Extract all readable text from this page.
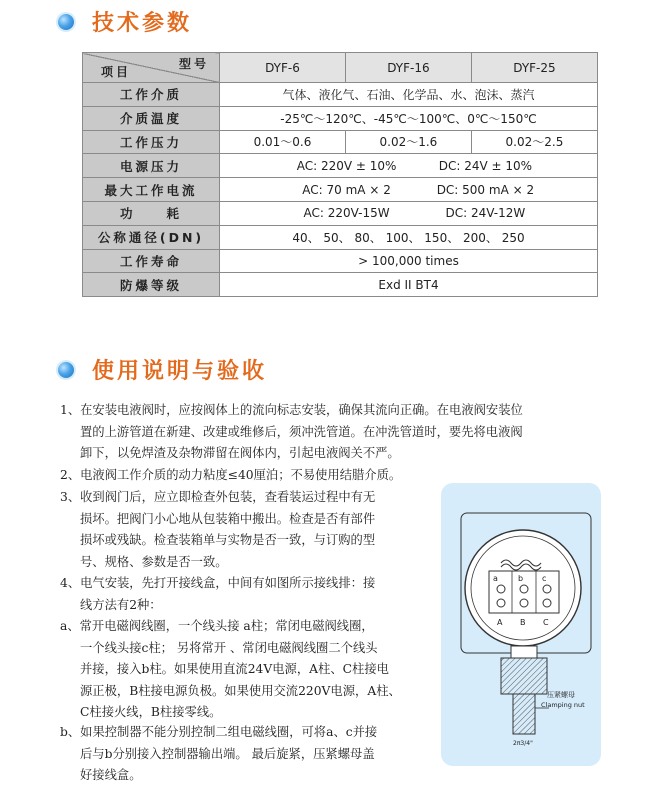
技术参数
型号
项目	DYF-6	DYF-16	DYF-25
工作介质	气体、液化气、石油、化学品、水、泡沫、蒸汽		
介质温度	-25℃～120℃、-45℃～100℃、0℃～150℃		
工作压力	0.01～0.6	0.02～1.6	0.02～2.5
电源压力	AC: 220V ± 10% DC: 24V ± 10%		
最大工作电流	AC: 70 mA × 2 DC: 500 mA × 2		
功　　耗	AC: 220V-15W DC: 24V-12W		
公称通径(DN)	40、 50、 80、 100、 150、 200、 250		
工作寿命	> 100,000 times		
防爆等级	Exd II BT4		
使用说明与验收
1、在安装电液阀时，应按阀体上的流向标志安装，确保其流向正确。在电液阀安装位
置的上游管道在新建、改建或维修后，须冲洗管道。在冲洗管道时，要先将电液阀
卸下，以免焊渣及杂物滞留在阀体内，引起电液阀关不严。
2、电液阀工作介质的动力粘度≤40厘泊；不易使用结腊介质。
3、收到阀门后，应立即检查外包装，查看装运过程中有无
损坏。把阀门小心地从包装箱中搬出。检查是否有部件
损坏或残缺。检查装箱单与实物是否一致，与订购的型
号、规格、参数是否一致。
4、电气安装，先打开接线盒，中间有如图所示接线排：接
线方法有2种：
a、常开电磁阀线圈，一个线头接 a柱；常闭电磁阀线圈，
一个线头接c柱； 另将常开 、常闭电磁阀线圈二个线头
并接，接入b柱。如果使用直流24V电源，A柱、C柱接电
源正极，B柱接电源负极。如果使用交流220V电源，A柱、
C柱接火线，B柱接零线。
b、如果控制器不能分别控制二组电磁线圈，可将a、c并接
后与b分别接入控制器输出端。 最后旋紧，压紧螺母盖
好接线盒。
a	b c
A B C
压紧螺母
Clamping nut
2π3/4"
